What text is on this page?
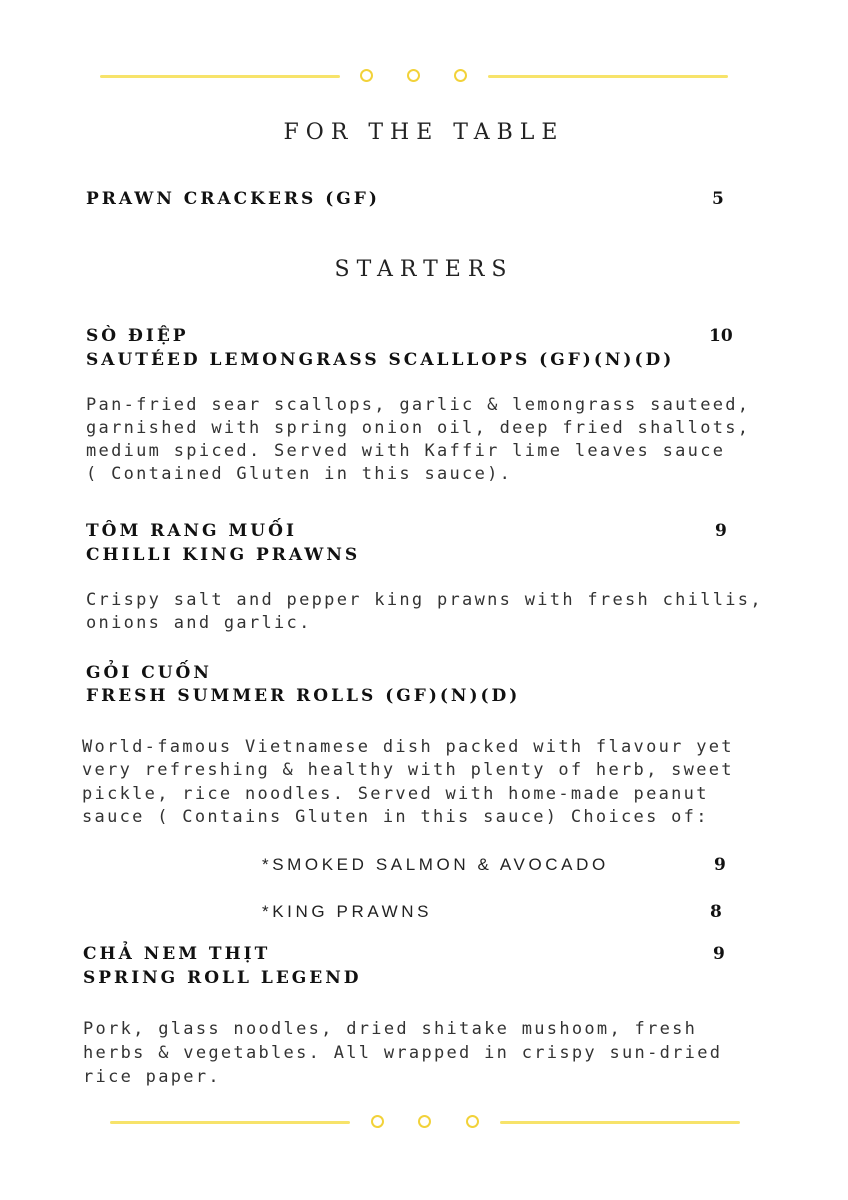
FOR THE TABLE
PRAWN CRACKERS (GF)	5
STARTERS
SÒ ĐIỆP	10
SAUTÉED LEMONGRASS SCALLLOPS (GF)(N)(D)
Pan-fried sear scallops, garlic & lemongrass sauteed,
garnished with spring onion oil, deep fried shallots,
medium spiced. Served with Kaffir lime leaves sauce
( Contained Gluten in this sauce).
TÔM RANG MUỐI	9
CHILLI KING PRAWNS
Crispy salt and pepper king prawns with fresh chillis,
onions and garlic.
GỎI CUỐN
FRESH SUMMER ROLLS (GF)(N)(D)
World-famous Vietnamese dish packed with flavour yet
very refreshing & healthy with plenty of herb, sweet
pickle, rice noodles. Served with home-made peanut
sauce ( Contains Gluten in this sauce) Choices of:
*SMOKED SALMON & AVOCADO	9
*KING PRAWNS	8
CHẢ NEM THỊT	9
SPRING ROLL LEGEND
Pork, glass noodles, dried shitake mushoom, fresh
herbs & vegetables. All wrapped in crispy sun-dried
rice paper.
